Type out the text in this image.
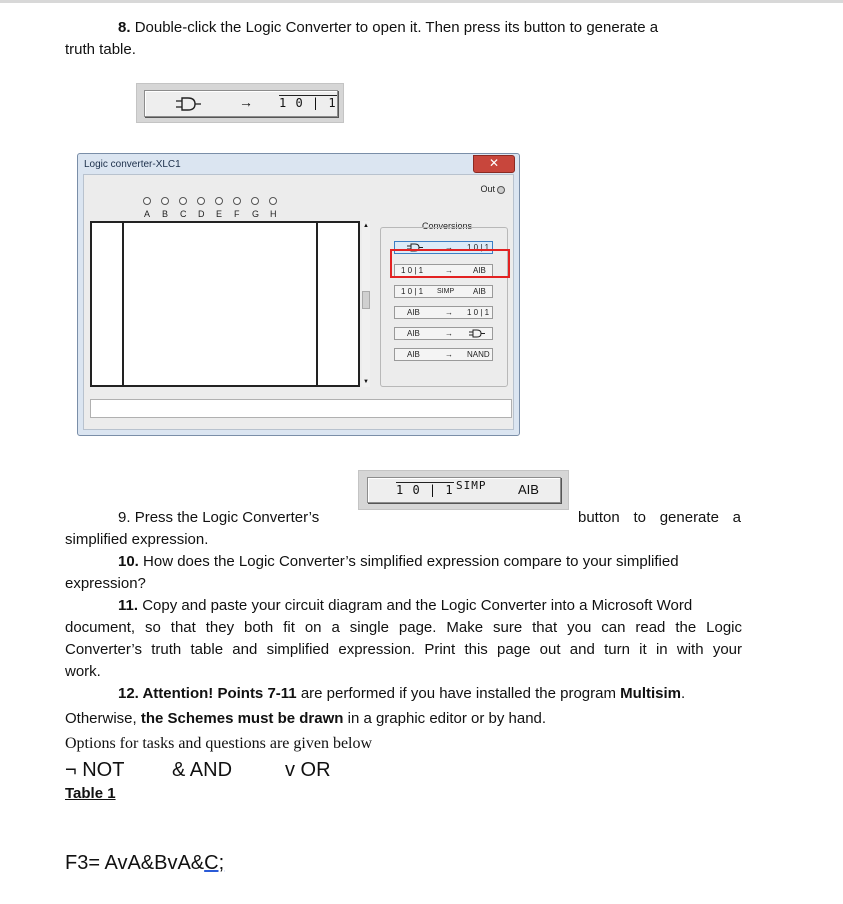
8. Double-click the Logic Converter to open it. Then press its button to generate a

truth table.

→ 1 0 | 1
Logic converter-XLC1	✕
Out
A B C D E F G H
▲
▼
Conversions
→ 1 0 | 1
1 0 | 1	→	AIB
1 0 | 1 SIMP AIB
AIB	→ 1 0 | 1
AIB	→
AIB	→ NAND
1 0 | 1 SIMP AIB

9. Press the Logic Converter’s	button to generate a

simplified expression.

10. How does the Logic Converter’s simplified expression compare to your simplified

expression?

11. Copy and paste your circuit diagram and the Logic Converter into a Microsoft Word

document, so that they both fit on a single page. Make sure that you can read the Logic

Converter’s truth table and simplified expression. Print this page out and turn it in with your

work.

12. Attention! Points 7-11 are performed if you have installed the program Multisim.

Otherwise, the Schemes must be drawn in a graphic editor or by hand.

Options for tasks and questions are given below

¬ NOT & AND	v OR

Table 1

F3= AvA&BvA&C;
